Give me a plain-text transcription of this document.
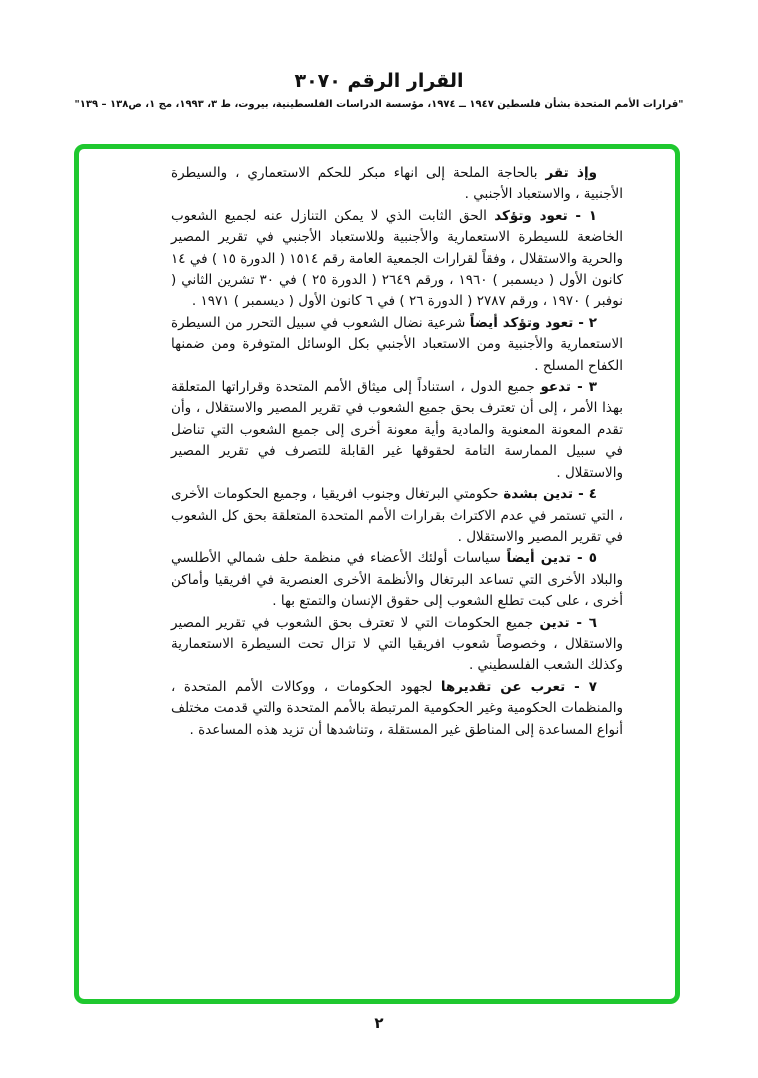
القرار الرقم ٣٠٧٠
"قرارات الأمم المتحدة بشأن فلسطين ١٩٤٧ ــ ١٩٧٤، مؤسسة الدراسات الفلسطينية، بيروت، ط ٣، ١٩٩٣، مج ١، ص١٣٨ – ١٣٩"

وإذ تقر بالحاجة الملحة إلى انهاء مبكر للحكم الاستعماري ، والسيطرة الأجنبية ، والاستعباد الأجنبي .

١ - تعود وتؤكد الحق الثابت الذي لا يمكن التنازل عنه لجميع الشعوب الخاضعة للسيطرة الاستعمارية والأجنبية وللاستعباد الأجنبي في تقرير المصير والحرية والاستقلال ، وفقاً لقرارات الجمعية العامة رقم ١٥١٤ ( الدورة ١٥ ) في ١٤ كانون الأول ( ديسمبر ) ١٩٦٠ ، ورقم ٢٦٤٩ ( الدورة ٢٥ ) في ٣٠ تشرين الثاني ( نوفبر ) ١٩٧٠ ، ورقم ٢٧٨٧ ( الدورة ٢٦ ) في ٦ كانون الأول ( ديسمبر ) ١٩٧١ .

٢ - تعود وتؤكد أيضاً شرعية نضال الشعوب في سبيل التحرر من السيطرة الاستعمارية والأجنبية ومن الاستعباد الأجنبي بكل الوسائل المتوفرة ومن ضمنها الكفاح المسلح .

٣ - تدعو جميع الدول ، استناداً إلى ميثاق الأمم المتحدة وقراراتها المتعلقة بهذا الأمر ، إلى أن تعترف بحق جميع الشعوب في تقرير المصير والاستقلال ، وأن تقدم المعونة المعنوية والمادية وأية معونة أخرى إلى جميع الشعوب التي تناضل في سبيل الممارسة التامة لحقوقها غير القابلة للتصرف في تقرير المصير والاستقلال .

٤ - تدين بشدة حكومتي البرتغال وجنوب افريقيا ، وجميع الحكومات الأخرى ، التي تستمر في عدم الاكتراث بقرارات الأمم المتحدة المتعلقة بحق كل الشعوب في تقرير المصير والاستقلال .

٥ - تدين أيضاً سياسات أولئك الأعضاء في منظمة حلف شمالي الأطلسي والبلاد الأخرى التي تساعد البرتغال والأنظمة الأخرى العنصرية في افريقيا وأماكن أخرى ، على كبت تطلع الشعوب إلى حقوق الإنسان والتمتع بها .

٦ - تدين جميع الحكومات التي لا تعترف بحق الشعوب في تقرير المصير والاستقلال ، وخصوصاً شعوب افريقيا التي لا تزال تحت السيطرة الاستعمارية وكذلك الشعب الفلسطيني .

٧ - تعرب عن تقديرها لجهود الحكومات ، ووكالات الأمم المتحدة ، والمنظمات الحكومية وغير الحكومية المرتبطة بالأمم المتحدة والتي قدمت مختلف أنواع المساعدة إلى المناطق غير المستقلة ، وتناشدها أن تزيد هذه المساعدة .

٢
